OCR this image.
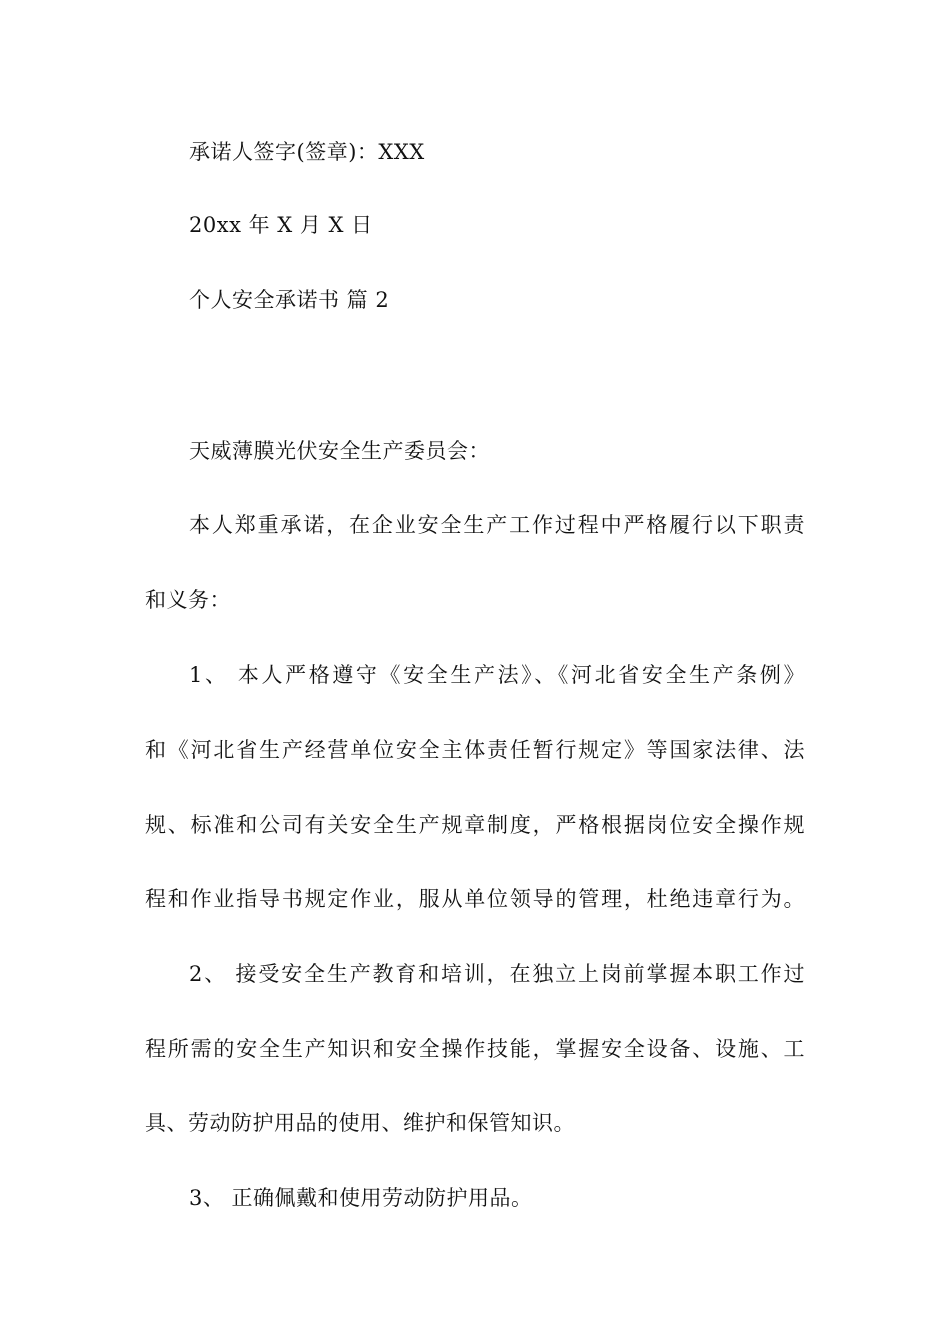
承诺人签字(签章)：XXX
20xx 年 X 月 X 日
个人安全承诺书 篇 2
天威薄膜光伏安全生产委员会：
本人郑重承诺，在企业安全生产工作过程中严格履行以下职责
和义务：
1、 本人严格遵守《安全生产法》、《河北省安全生产条例》
和《河北省生产经营单位安全主体责任暂行规定》等国家法律、法
规、标准和公司有关安全生产规章制度，严格根据岗位安全操作规
程和作业指导书规定作业，服从单位领导的管理，杜绝违章行为。
2、 接受安全生产教育和培训，在独立上岗前掌握本职工作过
程所需的安全生产知识和安全操作技能，掌握安全设备、设施、工
具、劳动防护用品的使用、维护和保管知识。
3、 正确佩戴和使用劳动防护用品。
